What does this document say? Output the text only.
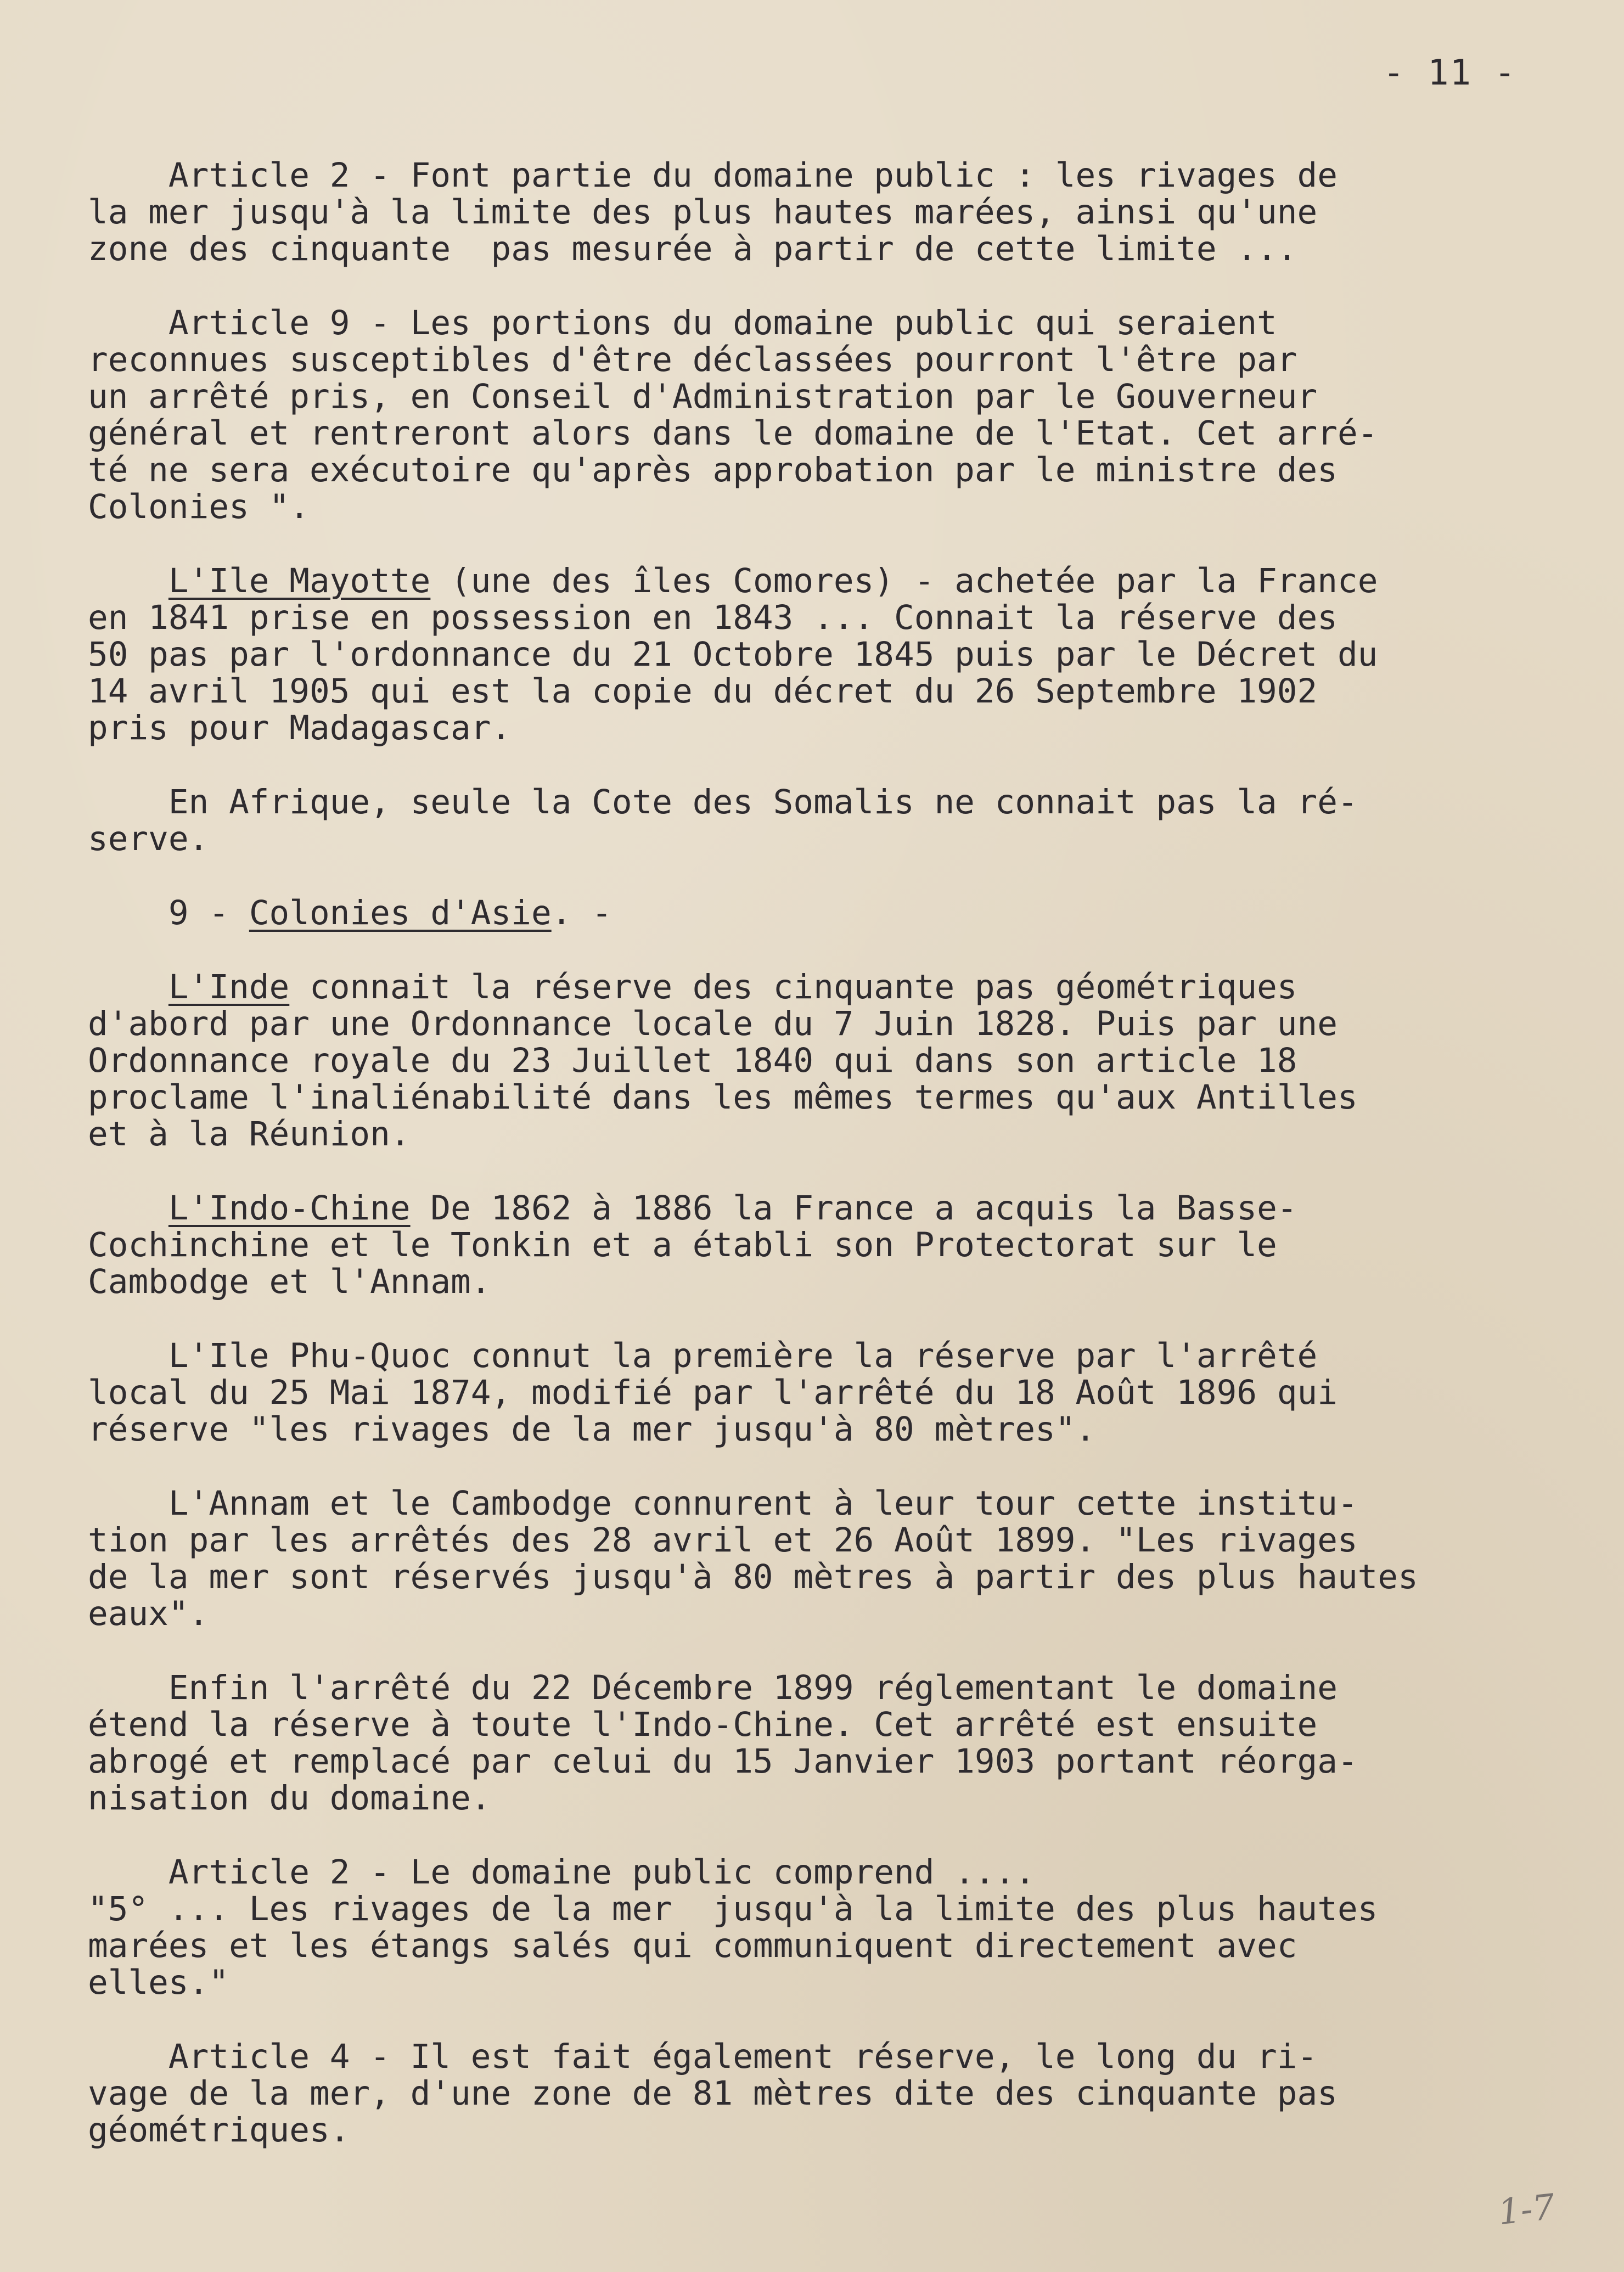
- 11 -
Article 2 - Font partie du domaine public : les rivages de
la mer jusqu'à la limite des plus hautes marées, ainsi qu'une
zone des cinquante  pas mesurée à partir de cette limite ...
Article 9 - Les portions du domaine public qui seraient
reconnues susceptibles d'être déclassées pourront l'être par
un arrêté pris, en Conseil d'Administration par le Gouverneur
général et rentreront alors dans le domaine de l'Etat. Cet arré-
té ne sera exécutoire qu'après approbation par le ministre des
Colonies ".
L'Ile Mayotte (une des îles Comores) - achetée par la France
en 1841 prise en possession en 1843 ... Connait la réserve des
50 pas par l'ordonnance du 21 Octobre 1845 puis par le Décret du
14 avril 1905 qui est la copie du décret du 26 Septembre 1902
pris pour Madagascar.
En Afrique, seule la Cote des Somalis ne connait pas la ré-
serve.
9 - Colonies d'Asie. -
L'Inde connait la réserve des cinquante pas géométriques
d'abord par une Ordonnance locale du 7 Juin 1828. Puis par une
Ordonnance royale du 23 Juillet 1840 qui dans son article 18
proclame l'inaliénabilité dans les mêmes termes qu'aux Antilles
et à la Réunion.
L'Indo-Chine De 1862 à 1886 la France a acquis la Basse-
Cochinchine et le Tonkin et a établi son Protectorat sur le
Cambodge et l'Annam.
L'Ile Phu-Quoc connut la première la réserve par l'arrêté
local du 25 Mai 1874, modifié par l'arrêté du 18 Août 1896 qui
réserve "les rivages de la mer jusqu'à 80 mètres".
L'Annam et le Cambodge connurent à leur tour cette institu-
tion par les arrêtés des 28 avril et 26 Août 1899. "Les rivages
de la mer sont réservés jusqu'à 80 mètres à partir des plus hautes
eaux".
Enfin l'arrêté du 22 Décembre 1899 réglementant le domaine
étend la réserve à toute l'Indo-Chine. Cet arrêté est ensuite
abrogé et remplacé par celui du 15 Janvier 1903 portant réorga-
nisation du domaine.
Article 2 - Le domaine public comprend ....
"5° ... Les rivages de la mer  jusqu'à la limite des plus hautes
marées et les étangs salés qui communiquent directement avec
elles."
Article 4 - Il est fait également réserve, le long du ri-
vage de la mer, d'une zone de 81 mètres dite des cinquante pas
géométriques.
1-7
